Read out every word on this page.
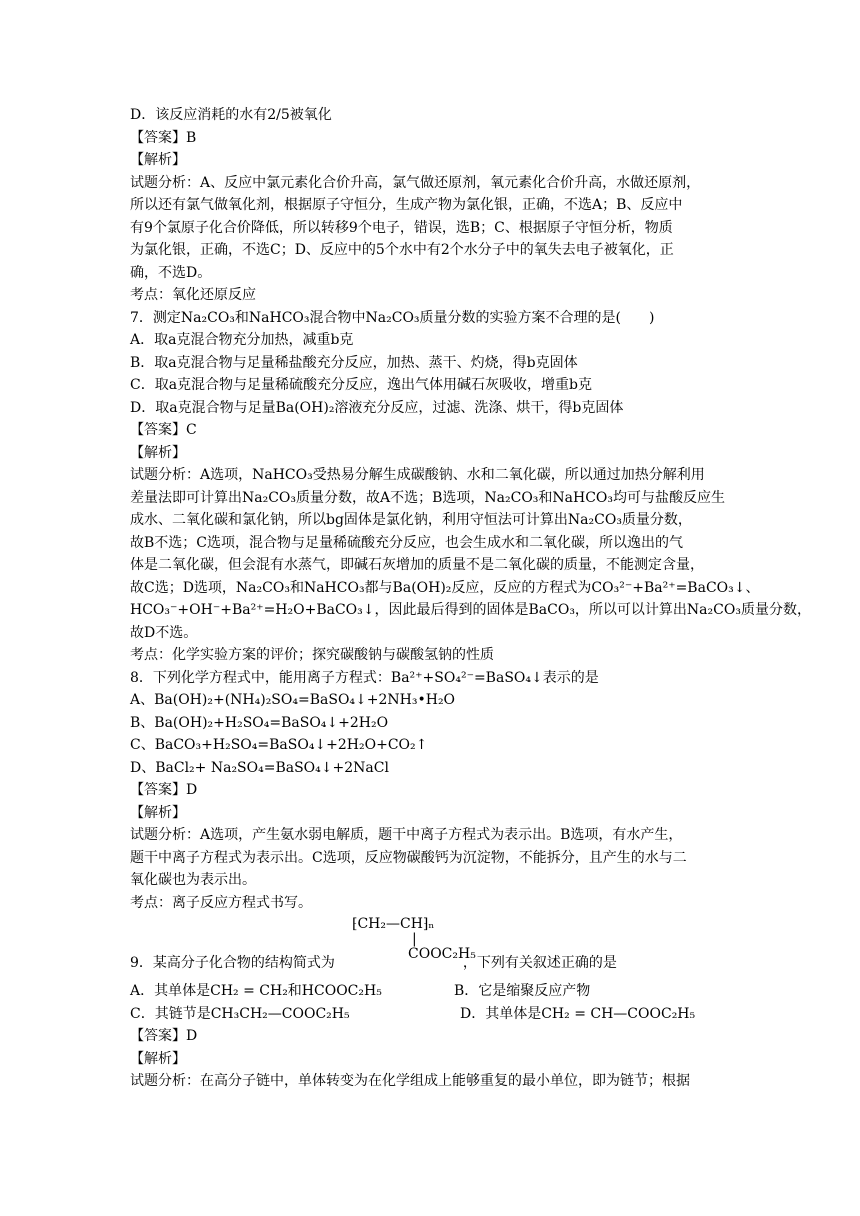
D．该反应消耗的水有2/5被氧化

【答案】B

【解析】

试题分析：A、反应中氯元素化合价升高，氯气做还原剂，氧元素化合价升高，水做还原剂，

所以还有氯气做氧化剂，根据原子守恒分，生成产物为氯化银，正确，不选A；B、反应中

有9个氯原子化合价降低，所以转移9个电子，错误，选B；C、根据原子守恒分析，物质

为氯化银，正确，不选C；D、反应中的5个水中有2个水分子中的氧失去电子被氧化，正

确，不选D。

考点：氧化还原反应

7．测定Na₂CO₃和NaHCO₃混合物中Na₂CO₃质量分数的实验方案不合理的是(　　)

A．取a克混合物充分加热，减重b克

B．取a克混合物与足量稀盐酸充分反应，加热、蒸干、灼烧，得b克固体

C．取a克混合物与足量稀硫酸充分反应，逸出气体用碱石灰吸收，增重b克

D．取a克混合物与足量Ba(OH)₂溶液充分反应，过滤、洗涤、烘干，得b克固体

【答案】C

【解析】

试题分析：A选项，NaHCO₃受热易分解生成碳酸钠、水和二氧化碳，所以通过加热分解利用

差量法即可计算出Na₂CO₃质量分数，故A不选；B选项，Na₂CO₃和NaHCO₃均可与盐酸反应生

成水、二氧化碳和氯化钠，所以bg固体是氯化钠，利用守恒法可计算出Na₂CO₃质量分数，

故B不选；C选项，混合物与足量稀硫酸充分反应，也会生成水和二氧化碳，所以逸出的气

体是二氧化碳，但会混有水蒸气，即碱石灰增加的质量不是二氧化碳的质量，不能测定含量，

故C选；D选项，Na₂CO₃和NaHCO₃都与Ba(OH)₂反应，反应的方程式为CO₃²⁻+Ba²⁺=BaCO₃↓、

HCO₃⁻+OH⁻+Ba²⁺=H₂O+BaCO₃↓，因此最后得到的固体是BaCO₃，所以可以计算出Na₂CO₃质量分数，

故D不选。

考点：化学实验方案的评价；探究碳酸钠与碳酸氢钠的性质

8．下列化学方程式中，能用离子方程式：Ba²⁺+SO₄²⁻=BaSO₄↓表示的是

A、Ba(OH)₂+(NH₄)₂SO₄=BaSO₄↓+2NH₃•H₂O

B、Ba(OH)₂+H₂SO₄=BaSO₄↓+2H₂O

C、BaCO₃+H₂SO₄=BaSO₄↓+2H₂O+CO₂↑

D、BaCl₂+ Na₂SO₄=BaSO₄↓+2NaCl

【答案】D

【解析】

试题分析：A选项，产生氨水弱电解质，题干中离子方程式为表示出。B选项，有水产生，

题干中离子方程式为表示出。C选项，反应物碳酸钙为沉淀物，不能拆分，且产生的水与二

氧化碳也为表示出。

考点：离子反应方程式书写。

⁅CH₂—CH⁆ₙ
|
COOC₂H₅

9．某高分子化合物的结构简式为	，下列有关叙述正确的是

A．其单体是CH₂ = CH₂和HCOOC₂H₅	B．它是缩聚反应产物
C．其链节是CH₃CH₂—COOC₂H₅	D．其单体是CH₂ = CH—COOC₂H₅

【答案】D

【解析】

试题分析：在高分子链中，单体转变为在化学组成上能够重复的最小单位，即为链节；根据
